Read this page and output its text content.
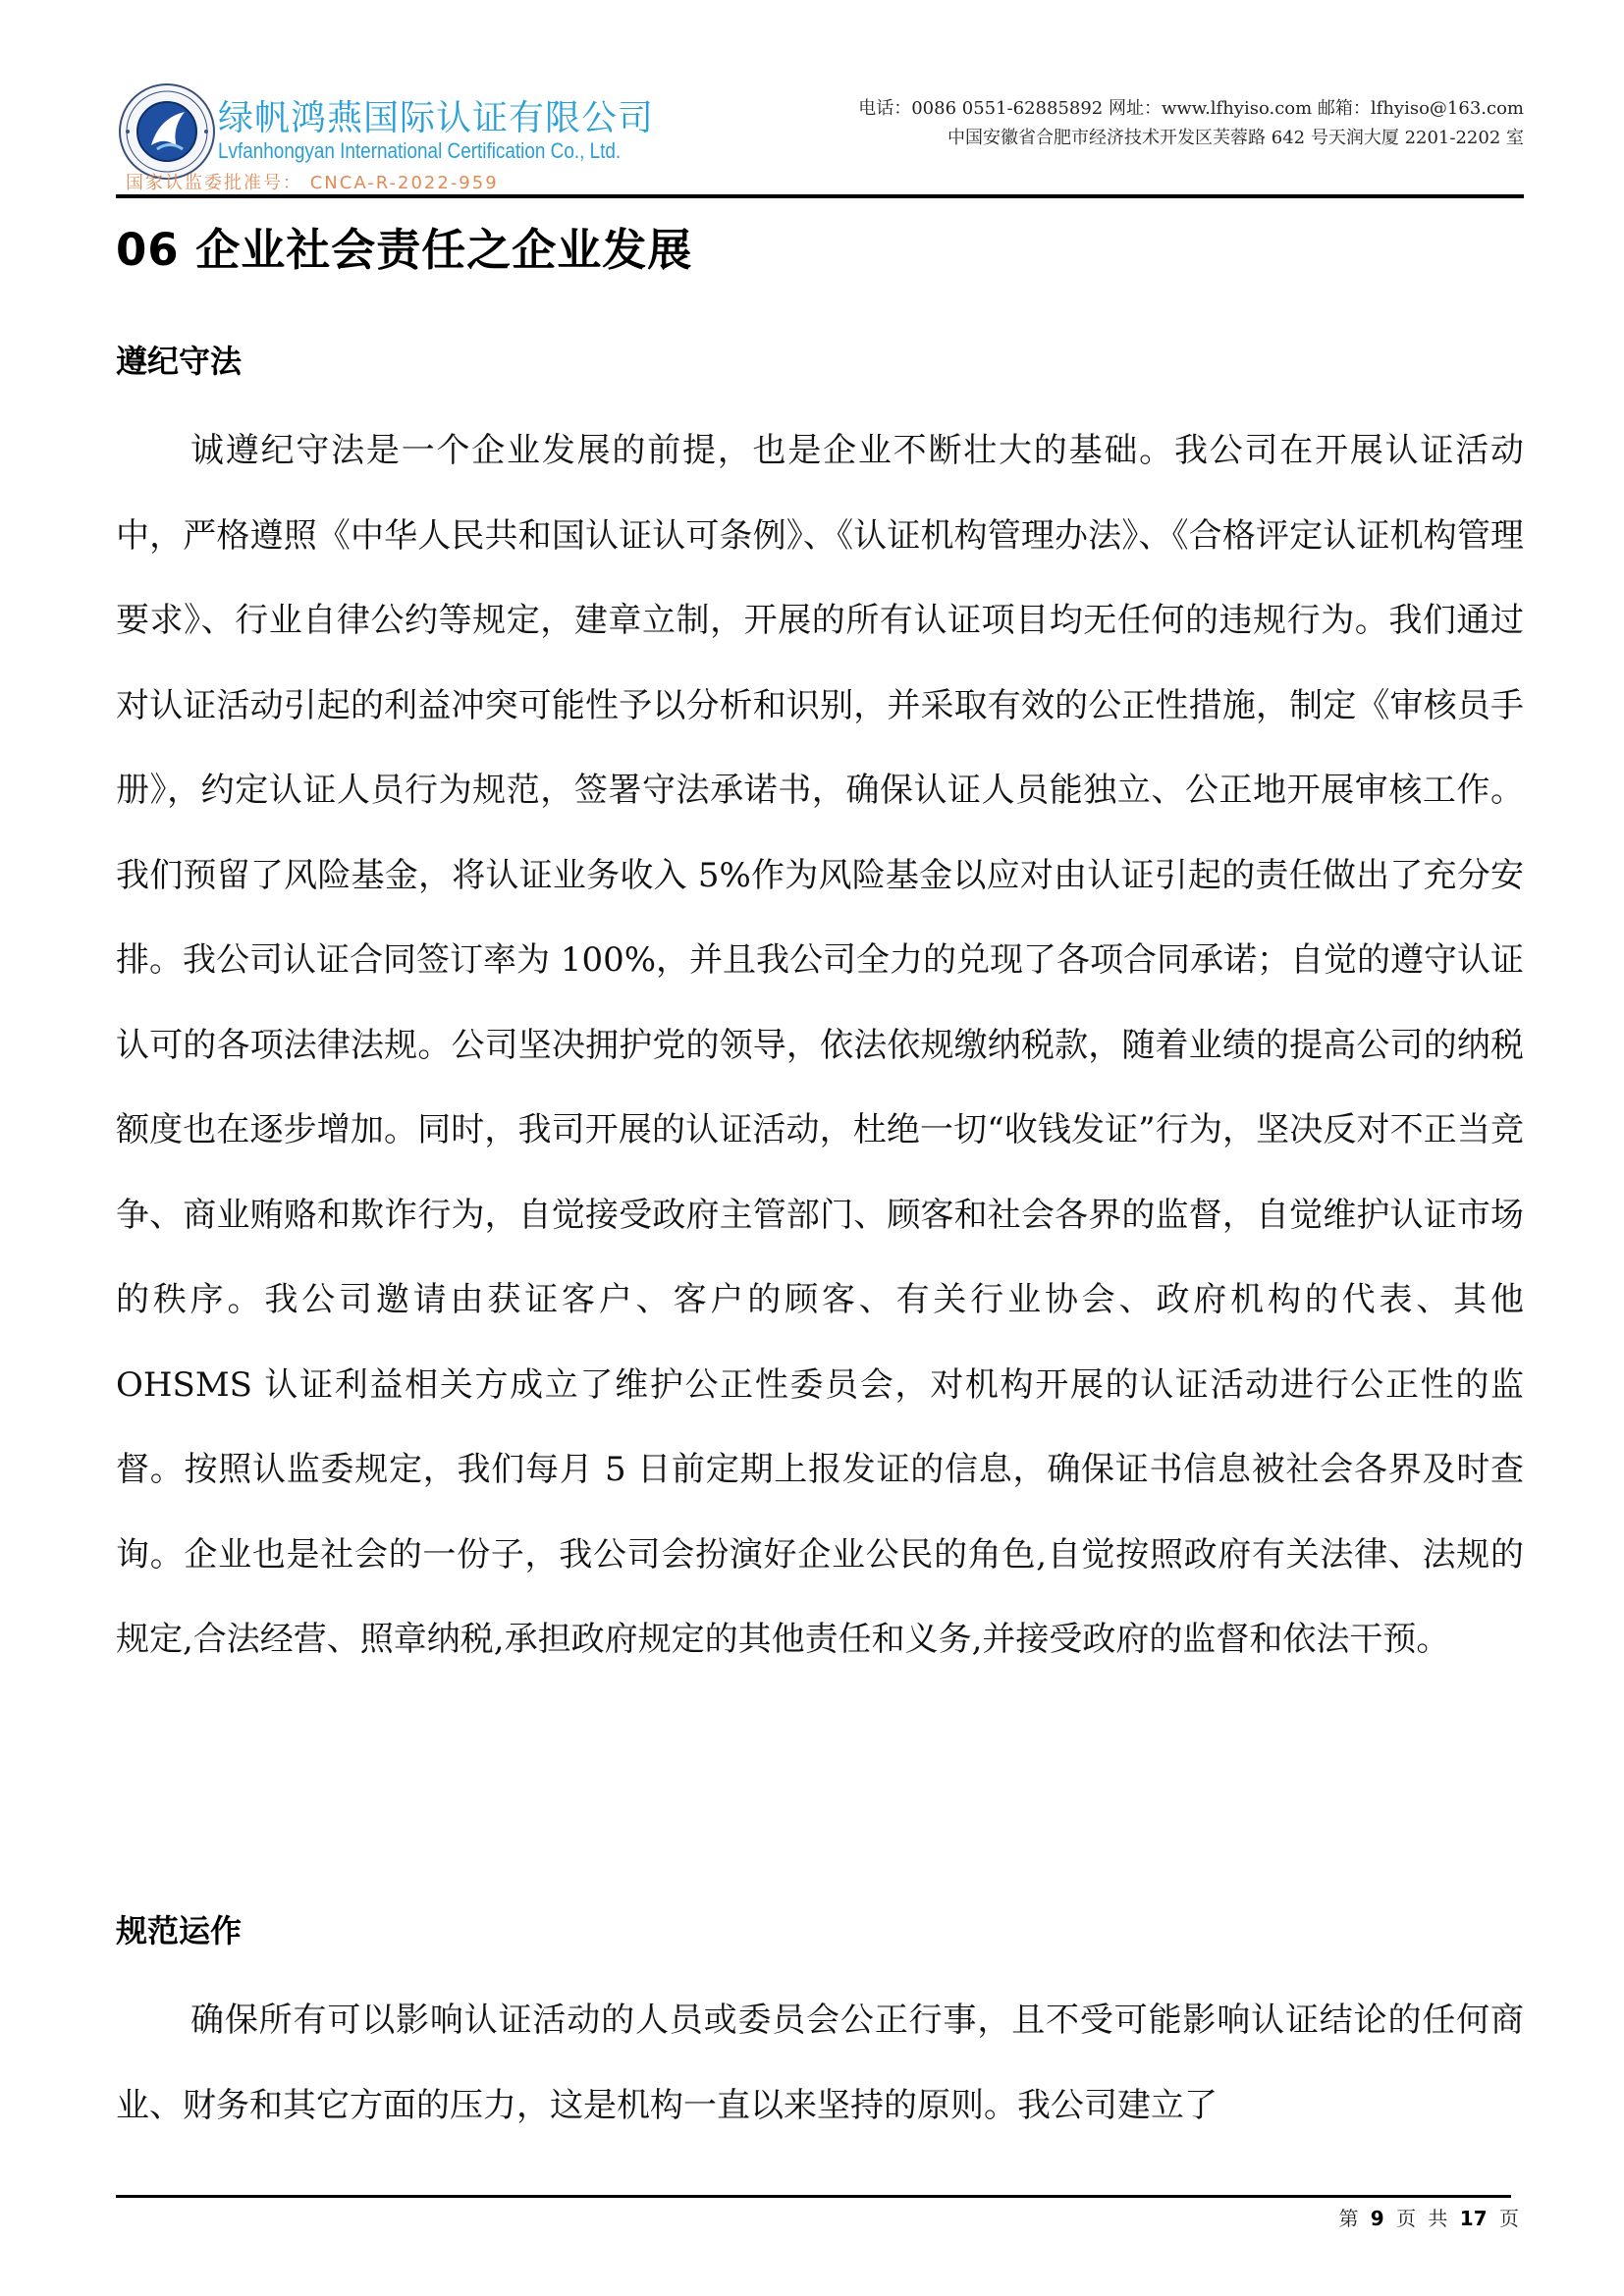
绿帆鸿燕国际认证有限公司
Lvfanhongyan International Certification Co., Ltd.
国家认监委批准号： CNCA-R-2022-959
电话：0086 0551-62885892 网址：www.lfhyiso.com 邮箱：lfhyiso@163.com
中国安徽省合肥市经济技术开发区芙蓉路 642 号天润大厦 2201-2202 室
06 企业社会责任之企业发展
遵纪守法

诚遵纪守法是一个企业发展的前提，也是企业不断壮大的基础。我公司在开展认证活动中，严格遵照《中华人民共和国认证认可条例》、《认证机构管理办法》、《合格评定认证机构管理要求》、行业自律公约等规定，建章立制，开展的所有认证项目均无任何的违规行为。我们通过对认证活动引起的利益冲突可能性予以分析和识别，并采取有效的公正性措施，制定《审核员手册》，约定认证人员行为规范，签署守法承诺书，确保认证人员能独立、公正地开展审核工作。我们预留了风险基金，将认证业务收入 5%作为风险基金以应对由认证引起的责任做出了充分安排。我公司认证合同签订率为 100%，并且我公司全力的兑现了各项合同承诺；自觉的遵守认证认可的各项法律法规。公司坚决拥护党的领导，依法依规缴纳税款，随着业绩的提高公司的纳税额度也在逐步增加。同时，我司开展的认证活动，杜绝一切“收钱发证”行为，坚决反对不正当竞争、商业贿赂和欺诈行为，自觉接受政府主管部门、顾客和社会各界的监督，自觉维护认证市场的秩序。我公司邀请由获证客户、客户的顾客、有关行业协会、政府机构的代表、其他 OHSMS 认证利益相关方成立了维护公正性委员会，对机构开展的认证活动进行公正性的监督。按照认监委规定，我们每月 5 日前定期上报发证的信息，确保证书信息被社会各界及时查询。企业也是社会的一份子，我公司会扮演好企业公民的角色,自觉按照政府有关法律、法规的规定,合法经营、照章纳税,承担政府规定的其他责任和义务,并接受政府的监督和依法干预。

规范运作

确保所有可以影响认证活动的人员或委员会公正行事，且不受可能影响认证结论的任何商业、财务和其它方面的压力，这是机构一直以来坚持的原则。我公司建立了

第 9 页 共 17 页
